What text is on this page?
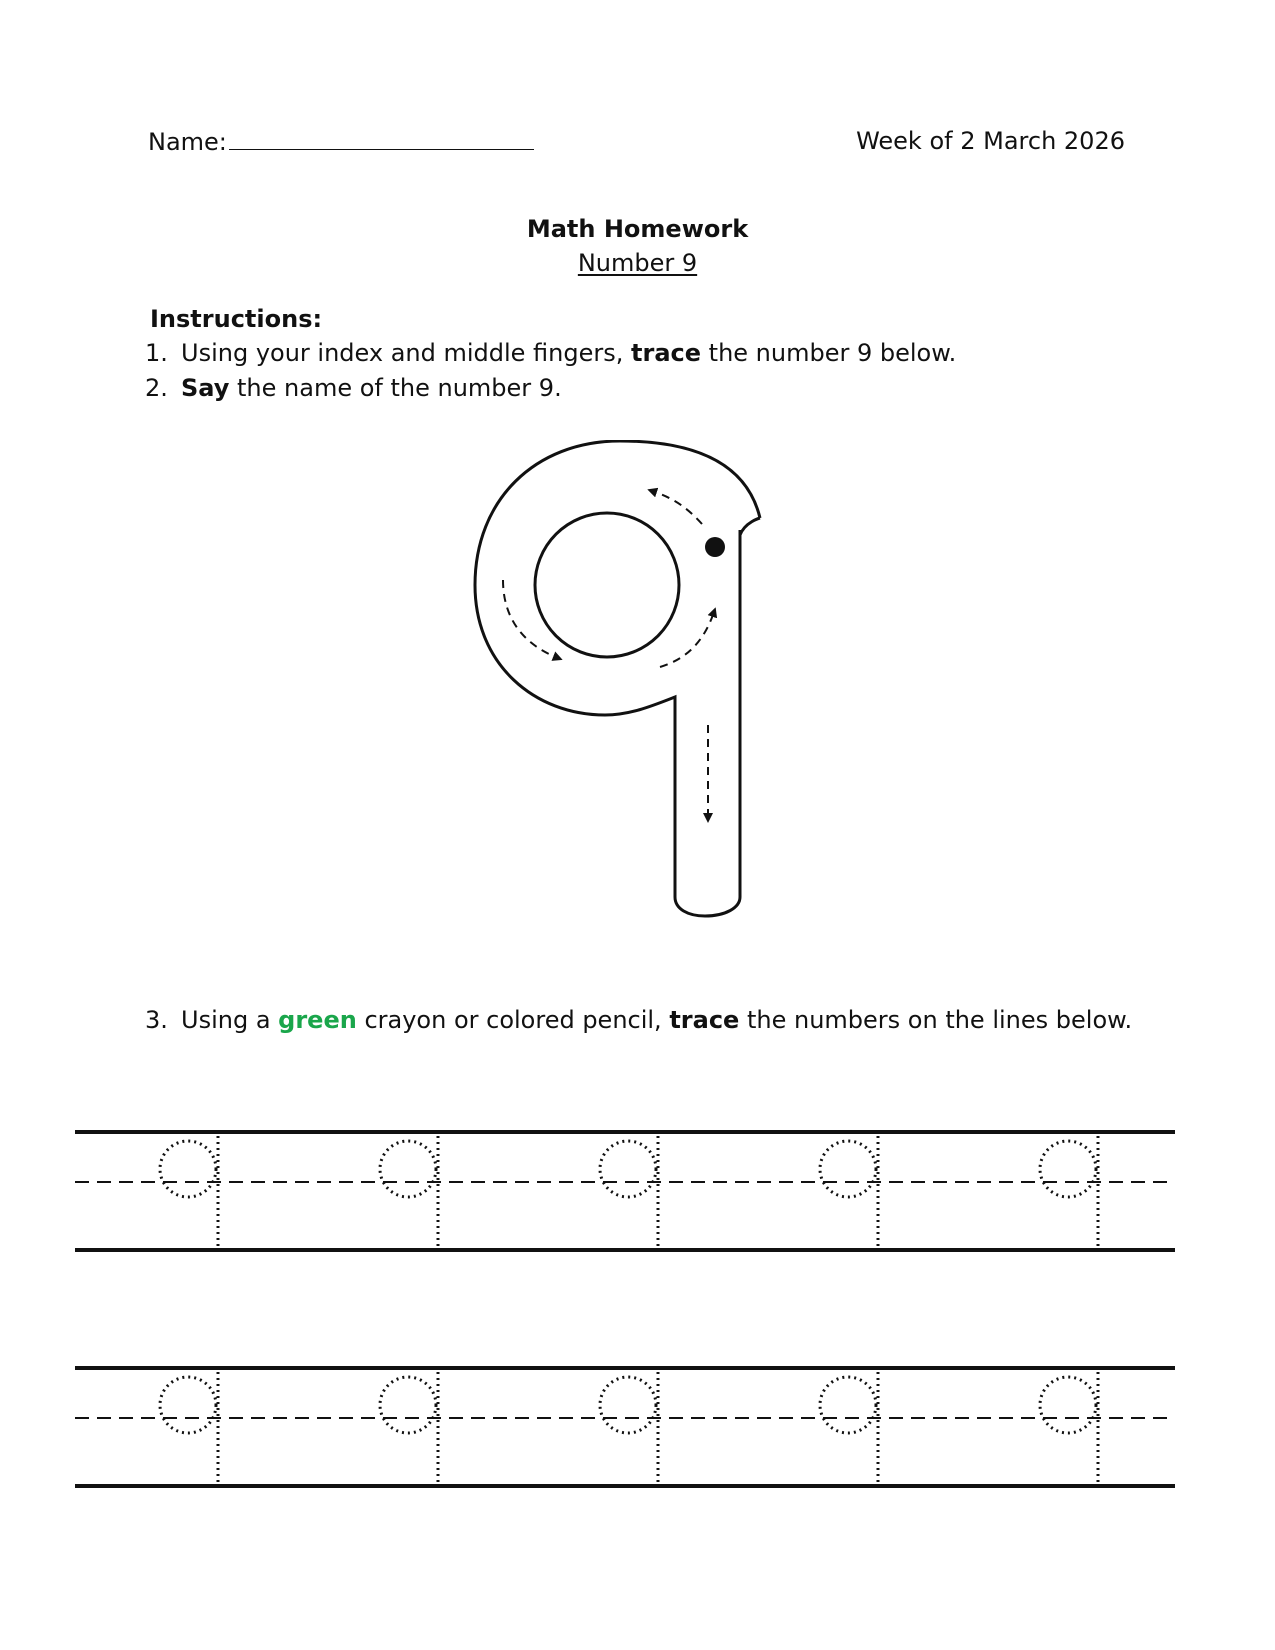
Name:	Week of 2 March 2026
Math Homework
Number 9
Instructions:
1. Using your index and middle fingers, trace the number 9 below.
2. Say the name of the number 9.
3. Using a green crayon or colored pencil, trace the numbers on the lines below.
